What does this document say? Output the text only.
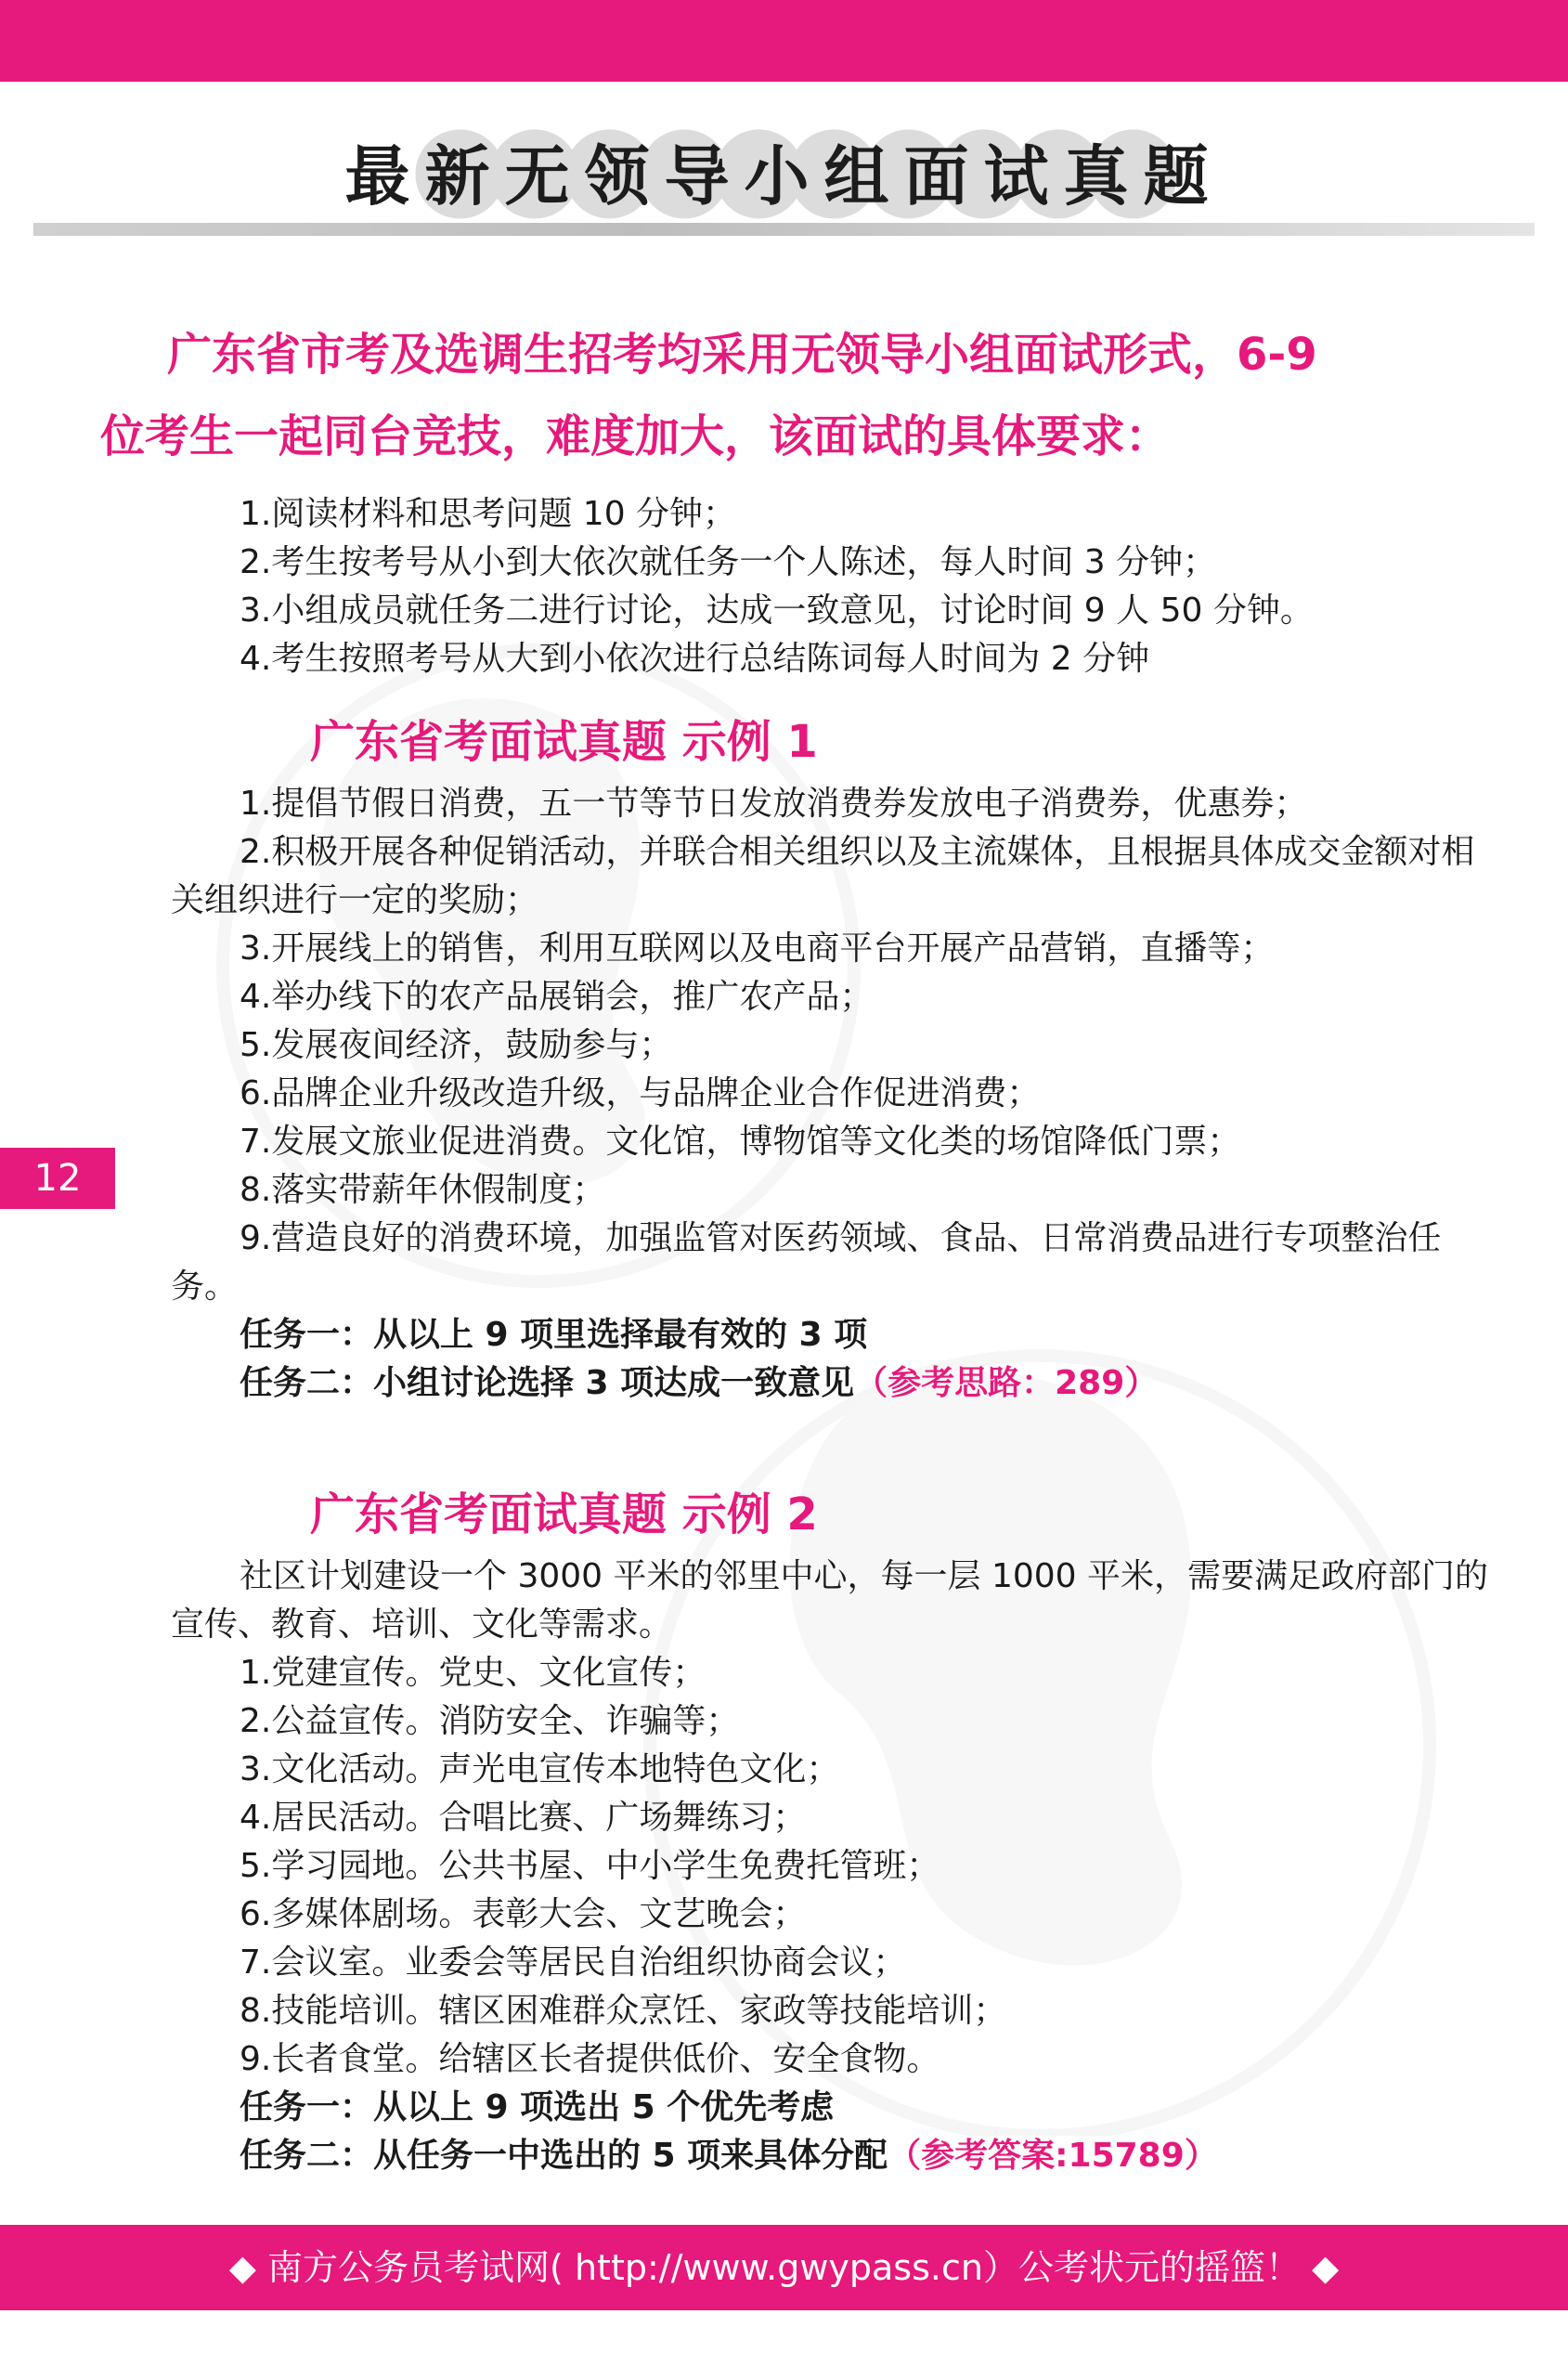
最新无领导小组面试真题
广东省市考及选调生招考均采用无领导小组面试形式，6-9
位考生一起同台竞技，难度加大，该面试的具体要求：

1.阅读材料和思考问题 10 分钟；

2.考生按考号从小到大依次就任务一个人陈述，每人时间 3 分钟；

3.小组成员就任务二进行讨论，达成一致意见，讨论时间 9 人 50 分钟。

4.考生按照考号从大到小依次进行总结陈词每人时间为 2 分钟

广东省考面试真题 示例 1

1.提倡节假日消费，五一节等节日发放消费券发放电子消费券，优惠券；

2.积极开展各种促销活动，并联合相关组织以及主流媒体，且根据具体成交金额对相关组织进行一定的奖励；

3.开展线上的销售，利用互联网以及电商平台开展产品营销，直播等；

4.举办线下的农产品展销会，推广农产品；

5.发展夜间经济，鼓励参与；

6.品牌企业升级改造升级，与品牌企业合作促进消费；

7.发展文旅业促进消费。文化馆，博物馆等文化类的场馆降低门票；

8.落实带薪年休假制度；

9.营造良好的消费环境，加强监管对医药领域、食品、日常消费品进行专项整治任务。

任务一：从以上 9 项里选择最有效的 3 项

任务二：小组讨论选择 3 项达成一致意见（参考思路：289）

12
广东省考面试真题 示例 2

社区计划建设一个 3000 平米的邻里中心，每一层 1000 平米，需要满足政府部门的宣传、教育、培训、文化等需求。

1.党建宣传。党史、文化宣传；

2.公益宣传。消防安全、诈骗等；

3.文化活动。声光电宣传本地特色文化；

4.居民活动。合唱比赛、广场舞练习；

5.学习园地。公共书屋、中小学生免费托管班；

6.多媒体剧场。表彰大会、文艺晚会；

7.会议室。业委会等居民自治组织协商会议；

8.技能培训。辖区困难群众烹饪、家政等技能培训；

9.长者食堂。给辖区长者提供低价、安全食物。

任务一：从以上 9 项选出 5 个优先考虑

任务二：从任务一中选出的 5 项来具体分配（参考答案:15789）

◆ 南方公务员考试网( http://www.gwypass.cn）公考状元的摇篮！ ◆
